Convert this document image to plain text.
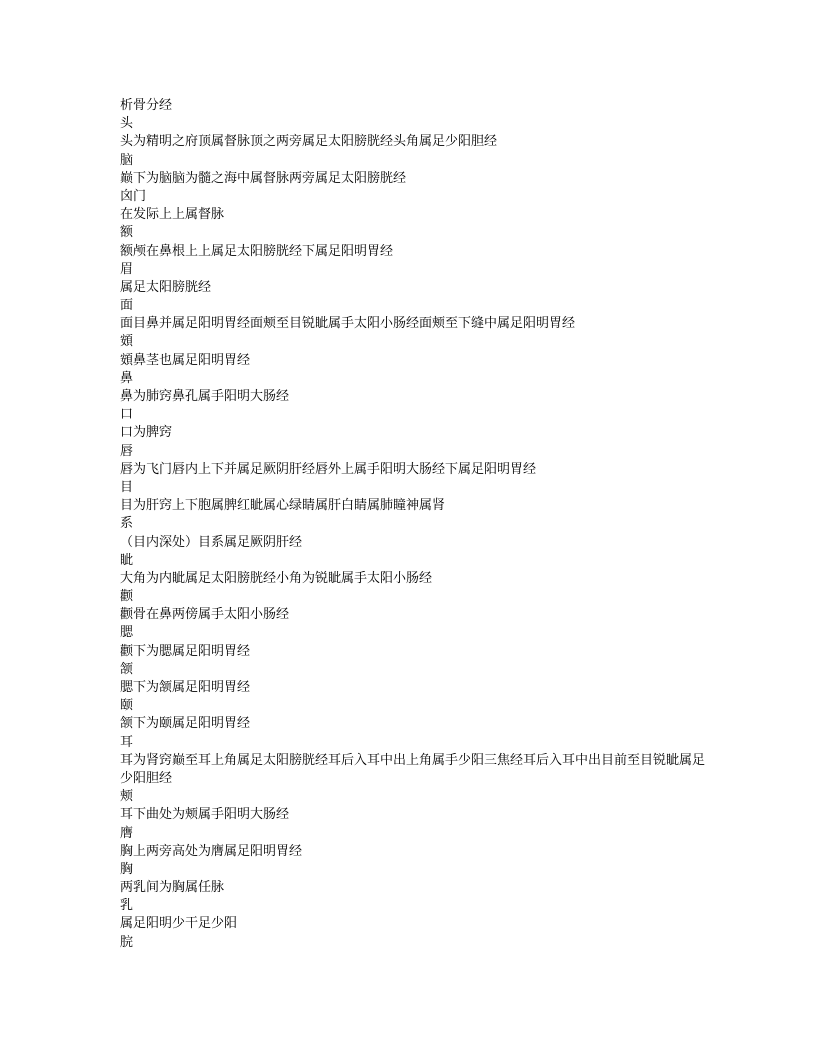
析骨分经
头
头为精明之府顶属督脉顶之两旁属足太阳膀胱经头角属足少阳胆经
脑
巅下为脑脑为髓之海中属督脉两旁属足太阳膀胱经
囟门
在发际上上属督脉
额
额颅在鼻根上上属足太阳膀胱经下属足阳明胃经
眉
属足太阳膀胱经
面
面目鼻并属足阳明胃经面颊至目锐眦属手太阳小肠经面颊至下缝中属足阳明胃经
頞
頞鼻茎也属足阳明胃经
鼻
鼻为肺窍鼻孔属手阳明大肠经
口
口为脾窍
唇
唇为飞门唇内上下并属足厥阴肝经唇外上属手阳明大肠经下属足阳明胃经
目
目为肝窍上下胞属脾红眦属心绿睛属肝白睛属肺瞳神属肾
系
（目内深处）目系属足厥阴肝经
眦
大角为内眦属足太阳膀胱经小角为锐眦属手太阳小肠经
颧
颧骨在鼻两傍属手太阳小肠经
腮
颧下为腮属足阳明胃经
颔
腮下为颔属足阳明胃经
颐
颔下为颐属足阳明胃经
耳
耳为肾窍巅至耳上角属足太阳膀胱经耳后入耳中出上角属手少阳三焦经耳后入耳中出目前至目锐眦属足少阳胆经
颊
耳下曲处为颊属手阳明大肠经
膺
胸上两旁高处为膺属足阳明胃经
胸
两乳间为胸属任脉
乳
属足阳明少干足少阳
脘
